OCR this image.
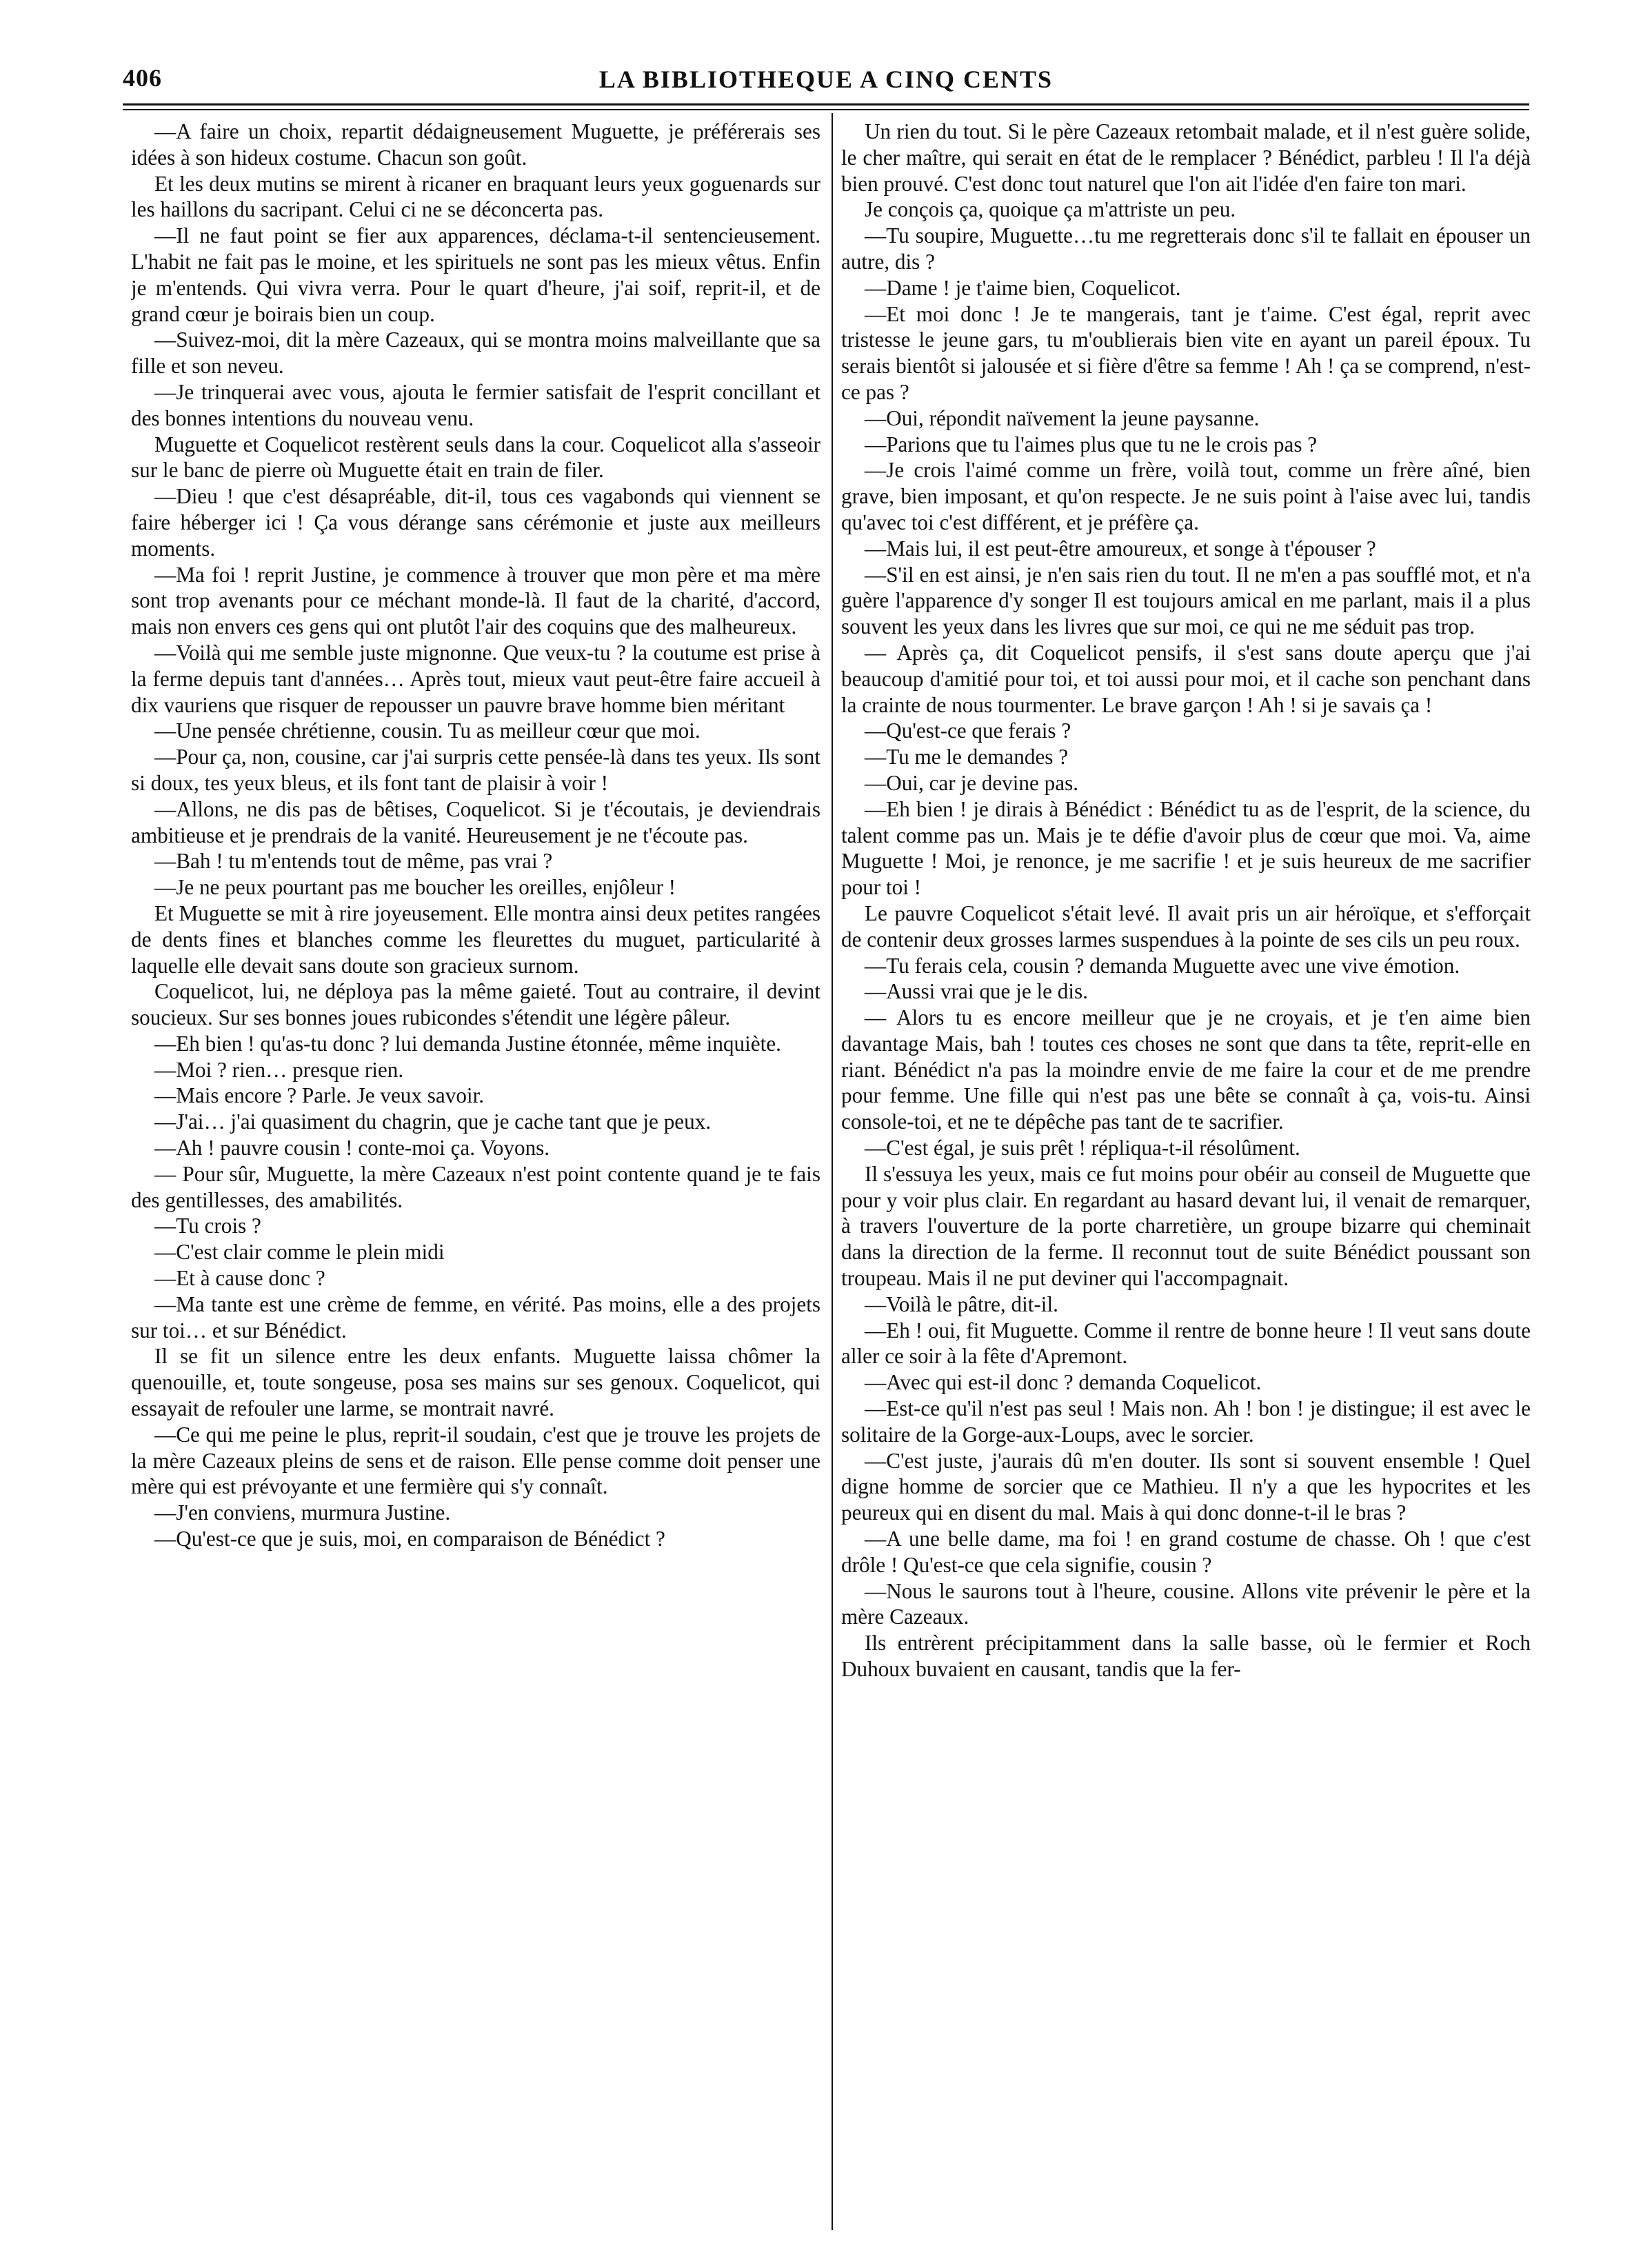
406	LA BIBLIOTHEQUE A CINQ CENTS

—A faire un choix, repartit dédaigneusement Muguette, je préférerais ses idées à son hideux costume. Chacun son goût.

Et les deux mutins se mirent à ricaner en braquant leurs yeux goguenards sur les haillons du sacripant. Celui ci ne se déconcerta pas.

—Il ne faut point se fier aux apparences, déclama-t-il sentencieusement. L'habit ne fait pas le moine, et les spirituels ne sont pas les mieux vêtus. Enfin je m'entends. Qui vivra verra. Pour le quart d'heure, j'ai soif, reprit-il, et de grand cœur je boirais bien un coup.

—Suivez-moi, dit la mère Cazeaux, qui se montra moins malveillante que sa fille et son neveu.

—Je trinquerai avec vous, ajouta le fermier satisfait de l'esprit concillant et des bonnes intentions du nouveau venu.

Muguette et Coquelicot restèrent seuls dans la cour. Coquelicot alla s'asseoir sur le banc de pierre où Muguette était en train de filer.

—Dieu ! que c'est désapréable, dit-il, tous ces vagabonds qui viennent se faire héberger ici ! Ça vous dérange sans cérémonie et juste aux meilleurs moments.

—Ma foi ! reprit Justine, je commence à trouver que mon père et ma mère sont trop avenants pour ce méchant monde-là. Il faut de la charité, d'accord, mais non envers ces gens qui ont plutôt l'air des coquins que des malheureux.

—Voilà qui me semble juste mignonne. Que veux-tu ? la coutume est prise à la ferme depuis tant d'années… Après tout, mieux vaut peut-être faire accueil à dix vauriens que risquer de repousser un pauvre brave homme bien méritant

—Une pensée chrétienne, cousin. Tu as meilleur cœur que moi.

—Pour ça, non, cousine, car j'ai surpris cette pensée-là dans tes yeux. Ils sont si doux, tes yeux bleus, et ils font tant de plaisir à voir !

—Allons, ne dis pas de bêtises, Coquelicot. Si je t'écoutais, je deviendrais ambitieuse et je prendrais de la vanité. Heureusement je ne t'écoute pas.

—Bah ! tu m'entends tout de même, pas vrai ?

—Je ne peux pourtant pas me boucher les oreilles, enjôleur !

Et Muguette se mit à rire joyeusement. Elle montra ainsi deux petites rangées de dents fines et blanches comme les fleurettes du muguet, particularité à laquelle elle devait sans doute son gracieux surnom.

Coquelicot, lui, ne déploya pas la même gaieté. Tout au contraire, il devint soucieux. Sur ses bonnes joues rubicondes s'étendit une légère pâleur.

—Eh bien ! qu'as-tu donc ? lui demanda Justine étonnée, même inquiète.

—Moi ? rien… presque rien.

—Mais encore ? Parle. Je veux savoir.

—J'ai… j'ai quasiment du chagrin, que je cache tant que je peux.

—Ah ! pauvre cousin ! conte-moi ça. Voyons.

— Pour sûr, Muguette, la mère Cazeaux n'est point contente quand je te fais des gentillesses, des amabilités.

—Tu crois ?

—C'est clair comme le plein midi

—Et à cause donc ?

—Ma tante est une crème de femme, en vérité. Pas moins, elle a des projets sur toi… et sur Bénédict.

Il se fit un silence entre les deux enfants. Muguette laissa chômer la quenouille, et, toute songeuse, posa ses mains sur ses genoux. Coquelicot, qui essayait de refouler une larme, se montrait navré.

—Ce qui me peine le plus, reprit-il soudain, c'est que je trouve les projets de la mère Cazeaux pleins de sens et de raison. Elle pense comme doit penser une mère qui est prévoyante et une fermière qui s'y connaît.

—J'en conviens, murmura Justine.

—Qu'est-ce que je suis, moi, en comparaison de Bénédict ?

Un rien du tout. Si le père Cazeaux retombait malade, et il n'est guère solide, le cher maître, qui serait en état de le remplacer ? Bénédict, parbleu ! Il l'a déjà bien prouvé. C'est donc tout naturel que l'on ait l'idée d'en faire ton mari.

Je conçois ça, quoique ça m'attriste un peu.

—Tu soupire, Muguette…tu me regretterais donc s'il te fallait en épouser un autre, dis ?

—Dame ! je t'aime bien, Coquelicot.

—Et moi donc ! Je te mangerais, tant je t'aime. C'est égal, reprit avec tristesse le jeune gars, tu m'oublierais bien vite en ayant un pareil époux. Tu serais bientôt si jalousée et si fière d'être sa femme ! Ah ! ça se comprend, n'est-ce pas ?

—Oui, répondit naïvement la jeune paysanne.

—Parions que tu l'aimes plus que tu ne le crois pas ?

—Je crois l'aimé comme un frère, voilà tout, comme un frère aîné, bien grave, bien imposant, et qu'on respecte. Je ne suis point à l'aise avec lui, tandis qu'avec toi c'est différent, et je préfère ça.

—Mais lui, il est peut-être amoureux, et songe à t'épouser ?

—S'il en est ainsi, je n'en sais rien du tout. Il ne m'en a pas soufflé mot, et n'a guère l'apparence d'y songer Il est toujours amical en me parlant, mais il a plus souvent les yeux dans les livres que sur moi, ce qui ne me séduit pas trop.

— Après ça, dit Coquelicot pensifs, il s'est sans doute aperçu que j'ai beaucoup d'amitié pour toi, et toi aussi pour moi, et il cache son penchant dans la crainte de nous tourmenter. Le brave garçon ! Ah ! si je savais ça !

—Qu'est-ce que ferais ?

—Tu me le demandes ?

—Oui, car je devine pas.

—Eh bien ! je dirais à Bénédict : Bénédict tu as de l'esprit, de la science, du talent comme pas un. Mais je te défie d'avoir plus de cœur que moi. Va, aime Muguette ! Moi, je renonce, je me sacrifie ! et je suis heureux de me sacrifier pour toi !

Le pauvre Coquelicot s'était levé. Il avait pris un air héroïque, et s'efforçait de contenir deux grosses larmes suspendues à la pointe de ses cils un peu roux.

—Tu ferais cela, cousin ? demanda Muguette avec une vive émotion.

—Aussi vrai que je le dis.

— Alors tu es encore meilleur que je ne croyais, et je t'en aime bien davantage Mais, bah ! toutes ces choses ne sont que dans ta tête, reprit-elle en riant. Bénédict n'a pas la moindre envie de me faire la cour et de me prendre pour femme. Une fille qui n'est pas une bête se connaît à ça, vois-tu. Ainsi console-toi, et ne te dépêche pas tant de te sacrifier.

—C'est égal, je suis prêt ! répliqua-t-il résolûment.

Il s'essuya les yeux, mais ce fut moins pour obéir au conseil de Muguette que pour y voir plus clair. En regardant au hasard devant lui, il venait de remarquer, à travers l'ouverture de la porte charretière, un groupe bizarre qui cheminait dans la direction de la ferme. Il reconnut tout de suite Bénédict poussant son troupeau. Mais il ne put deviner qui l'accompagnait.

—Voilà le pâtre, dit-il.

—Eh ! oui, fit Muguette. Comme il rentre de bonne heure ! Il veut sans doute aller ce soir à la fête d'Apremont.

—Avec qui est-il donc ? demanda Coquelicot.

—Est-ce qu'il n'est pas seul ! Mais non. Ah ! bon ! je distingue; il est avec le solitaire de la Gorge-aux-Loups, avec le sorcier.

—C'est juste, j'aurais dû m'en douter. Ils sont si souvent ensemble ! Quel digne homme de sorcier que ce Mathieu. Il n'y a que les hypocrites et les peureux qui en disent du mal. Mais à qui donc donne-t-il le bras ?

—A une belle dame, ma foi ! en grand costume de chasse. Oh ! que c'est drôle ! Qu'est-ce que cela signifie, cousin ?

—Nous le saurons tout à l'heure, cousine. Allons vite prévenir le père et la mère Cazeaux.

Ils entrèrent précipitamment dans la salle basse, où le fermier et Roch Duhoux buvaient en causant, tandis que la fer-
